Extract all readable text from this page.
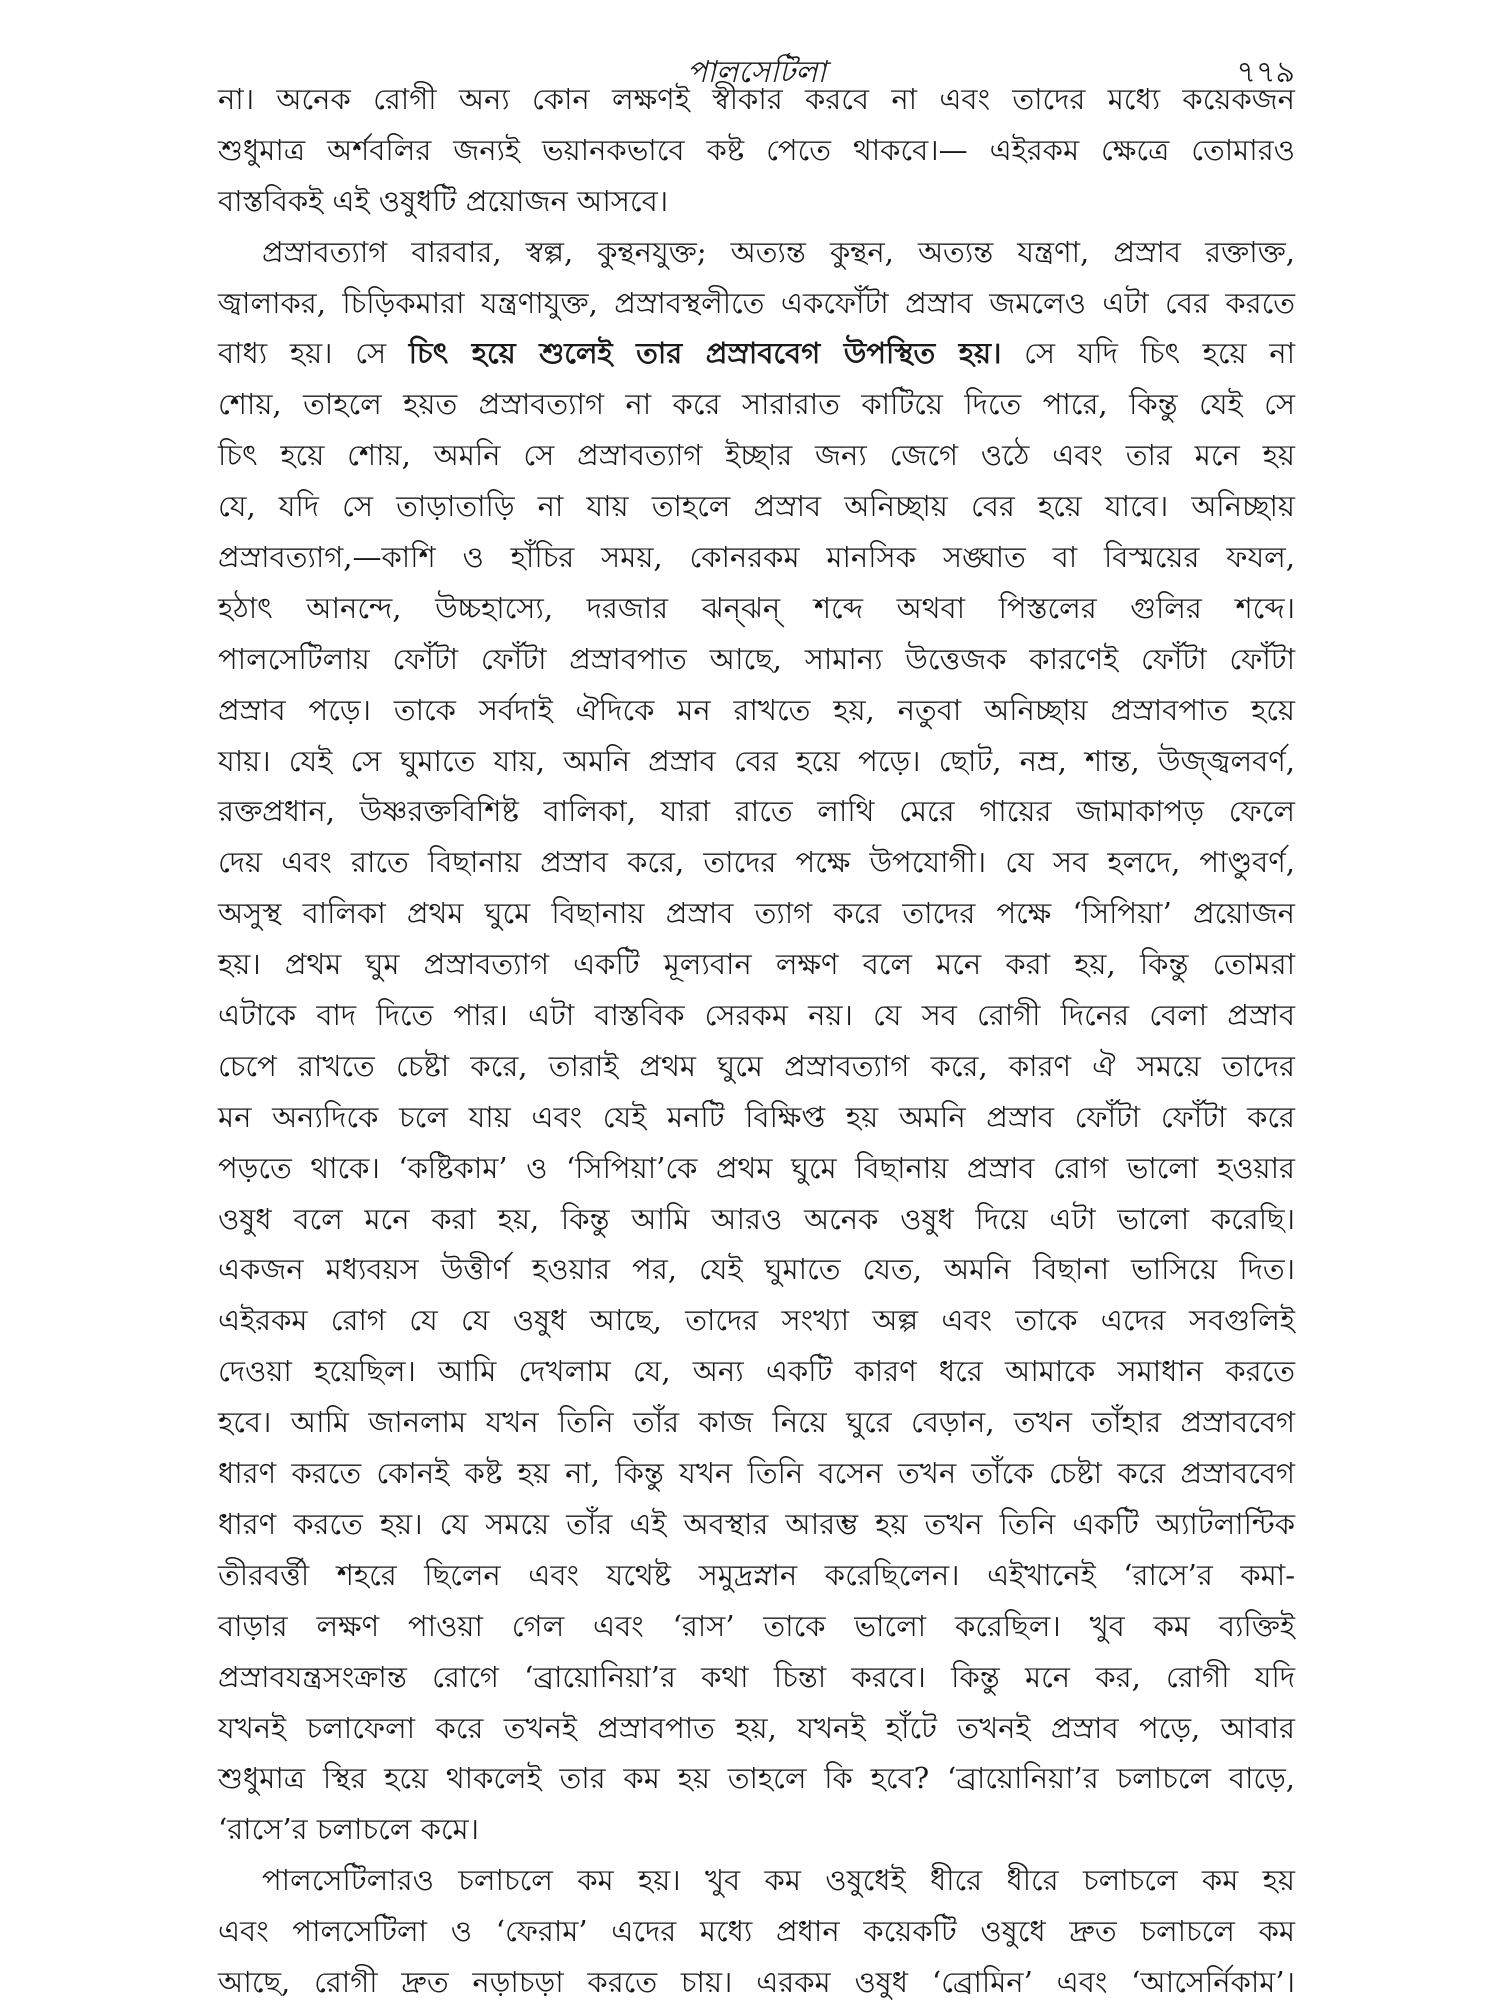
পালসেটিলা	৭৭৯
না। অনেক রোগী অন্য কোন লক্ষণই স্বীকার করবে না এবং তাদের মধ্যে কয়েকজন
শুধুমাত্র অর্শবলির জন্যই ভয়ানকভাবে কষ্ট পেতে থাকবে।— এইরকম ক্ষেত্রে তোমারও
বাস্তবিকই এই ওষুধটি প্রয়োজন আসবে।
প্রস্রাবত্যাগ বারবার, স্বল্প, কুন্থনযুক্ত; অত্যন্ত কুন্থন, অত্যন্ত যন্ত্রণা, প্রস্রাব রক্তাক্ত,
জ্বালাকর, চিড়িকমারা যন্ত্রণাযুক্ত, প্রস্রাবস্থলীতে একফোঁটা প্রস্রাব জমলেও এটা বের করতে
বাধ্য হয়। সে চিৎ হয়ে শুলেই তার প্রস্রাববেগ উপস্থিত হয়। সে যদি চিৎ হয়ে না
শোয়, তাহলে হয়ত প্রস্রাবত্যাগ না করে সারারাত কাটিয়ে দিতে পারে, কিন্তু যেই সে
চিৎ হয়ে শোয়, অমনি সে প্রস্রাবত্যাগ ইচ্ছার জন্য জেগে ওঠে এবং তার মনে হয়
যে, যদি সে তাড়াতাড়ি না যায় তাহলে প্রস্রাব অনিচ্ছায় বের হয়ে যাবে। অনিচ্ছায়
প্রস্রাবত্যাগ,—কাশি ও হাঁচির সময়, কোনরকম মানসিক সঙ্ঘাত বা বিস্ময়ের ফযল,
হঠাৎ আনন্দে, উচ্চহাস্যে, দরজার ঝন্‌ঝন্‌ শব্দে অথবা পিস্তলের গুলির শব্দে।
পালসেটিলায় ফোঁটা ফোঁটা প্রস্রাবপাত আছে, সামান্য উত্তেজক কারণেই ফোঁটা ফোঁটা
প্রস্রাব পড়ে। তাকে সর্বদাই ঐদিকে মন রাখতে হয়, নতুবা অনিচ্ছায় প্রস্রাবপাত হয়ে
যায়। যেই সে ঘুমাতে যায়, অমনি প্রস্রাব বের হয়ে পড়ে। ছোট, নম্র, শান্ত, উজ্জ্বলবর্ণ,
রক্তপ্রধান, উষ্ণরক্তবিশিষ্ট বালিকা, যারা রাতে লাথি মেরে গায়ের জামাকাপড় ফেলে
দেয় এবং রাতে বিছানায় প্রস্রাব করে, তাদের পক্ষে উপযোগী। যে সব হলদে, পাণ্ডুবর্ণ,
অসুস্থ বালিকা প্রথম ঘুমে বিছানায় প্রস্রাব ত্যাগ করে তাদের পক্ষে ‘সিপিয়া’ প্রয়োজন
হয়। প্রথম ঘুম প্রস্রাবত্যাগ একটি মূল্যবান লক্ষণ বলে মনে করা হয়, কিন্তু তোমরা
এটাকে বাদ দিতে পার। এটা বাস্তবিক সেরকম নয়। যে সব রোগী দিনের বেলা প্রস্রাব
চেপে রাখতে চেষ্টা করে, তারাই প্রথম ঘুমে প্রস্রাবত্যাগ করে, কারণ ঐ সময়ে তাদের
মন অন্যদিকে চলে যায় এবং যেই মনটি বিক্ষিপ্ত হয় অমনি প্রস্রাব ফোঁটা ফোঁটা করে
পড়তে থাকে। ‘কষ্টিকাম’ ও ‘সিপিয়া’কে প্রথম ঘুমে বিছানায় প্রস্রাব রোগ ভালো হওয়ার
ওষুধ বলে মনে করা হয়, কিন্তু আমি আরও অনেক ওষুধ দিয়ে এটা ভালো করেছি।
একজন মধ্যবয়স উত্তীর্ণ হওয়ার পর, যেই ঘুমাতে যেত, অমনি বিছানা ভাসিয়ে দিত।
এইরকম রোগ যে যে ওষুধ আছে, তাদের সংখ্যা অল্প এবং তাকে এদের সবগুলিই
দেওয়া হয়েছিল। আমি দেখলাম যে, অন্য একটি কারণ ধরে আমাকে সমাধান করতে
হবে। আমি জানলাম যখন তিনি তাঁর কাজ নিয়ে ঘুরে বেড়ান, তখন তাঁহার প্রস্রাববেগ
ধারণ করতে কোনই কষ্ট হয় না, কিন্তু যখন তিনি বসেন তখন তাঁকে চেষ্টা করে প্রস্রাববেগ
ধারণ করতে হয়। যে সময়ে তাঁর এই অবস্থার আরম্ভ হয় তখন তিনি একটি অ্যাটলান্টিক
তীরবর্ত্তী শহরে ছিলেন এবং যথেষ্ট সমুদ্রস্নান করেছিলেন। এইখানেই ‘রাসে’র কমা-
বাড়ার লক্ষণ পাওয়া গেল এবং ‘রাস’ তাকে ভালো করেছিল। খুব কম ব্যক্তিই
প্রস্রাবযন্ত্রসংক্রান্ত রোগে ‘ব্রায়োনিয়া’র কথা চিন্তা করবে। কিন্তু মনে কর, রোগী যদি
যখনই চলাফেলা করে তখনই প্রস্রাবপাত হয়, যখনই হাঁটে তখনই প্রস্রাব পড়ে, আবার
শুধুমাত্র স্থির হয়ে থাকলেই তার কম হয় তাহলে কি হবে? ‘ব্রায়োনিয়া’র চলাচলে বাড়ে,
‘রাসে’র চলাচলে কমে।
পালসেটিলারও চলাচলে কম হয়। খুব কম ওষুধেই ধীরে ধীরে চলাচলে কম হয়
এবং পালসেটিলা ও ‘ফেরাম’ এদের মধ্যে প্রধান কয়েকটি ওষুধে দ্রুত চলাচলে কম
আছে, রোগী দ্রুত নড়াচড়া করতে চায়। এরকম ওষুধ ‘ব্রোমিন’ এবং ‘আসের্নিকাম’।
